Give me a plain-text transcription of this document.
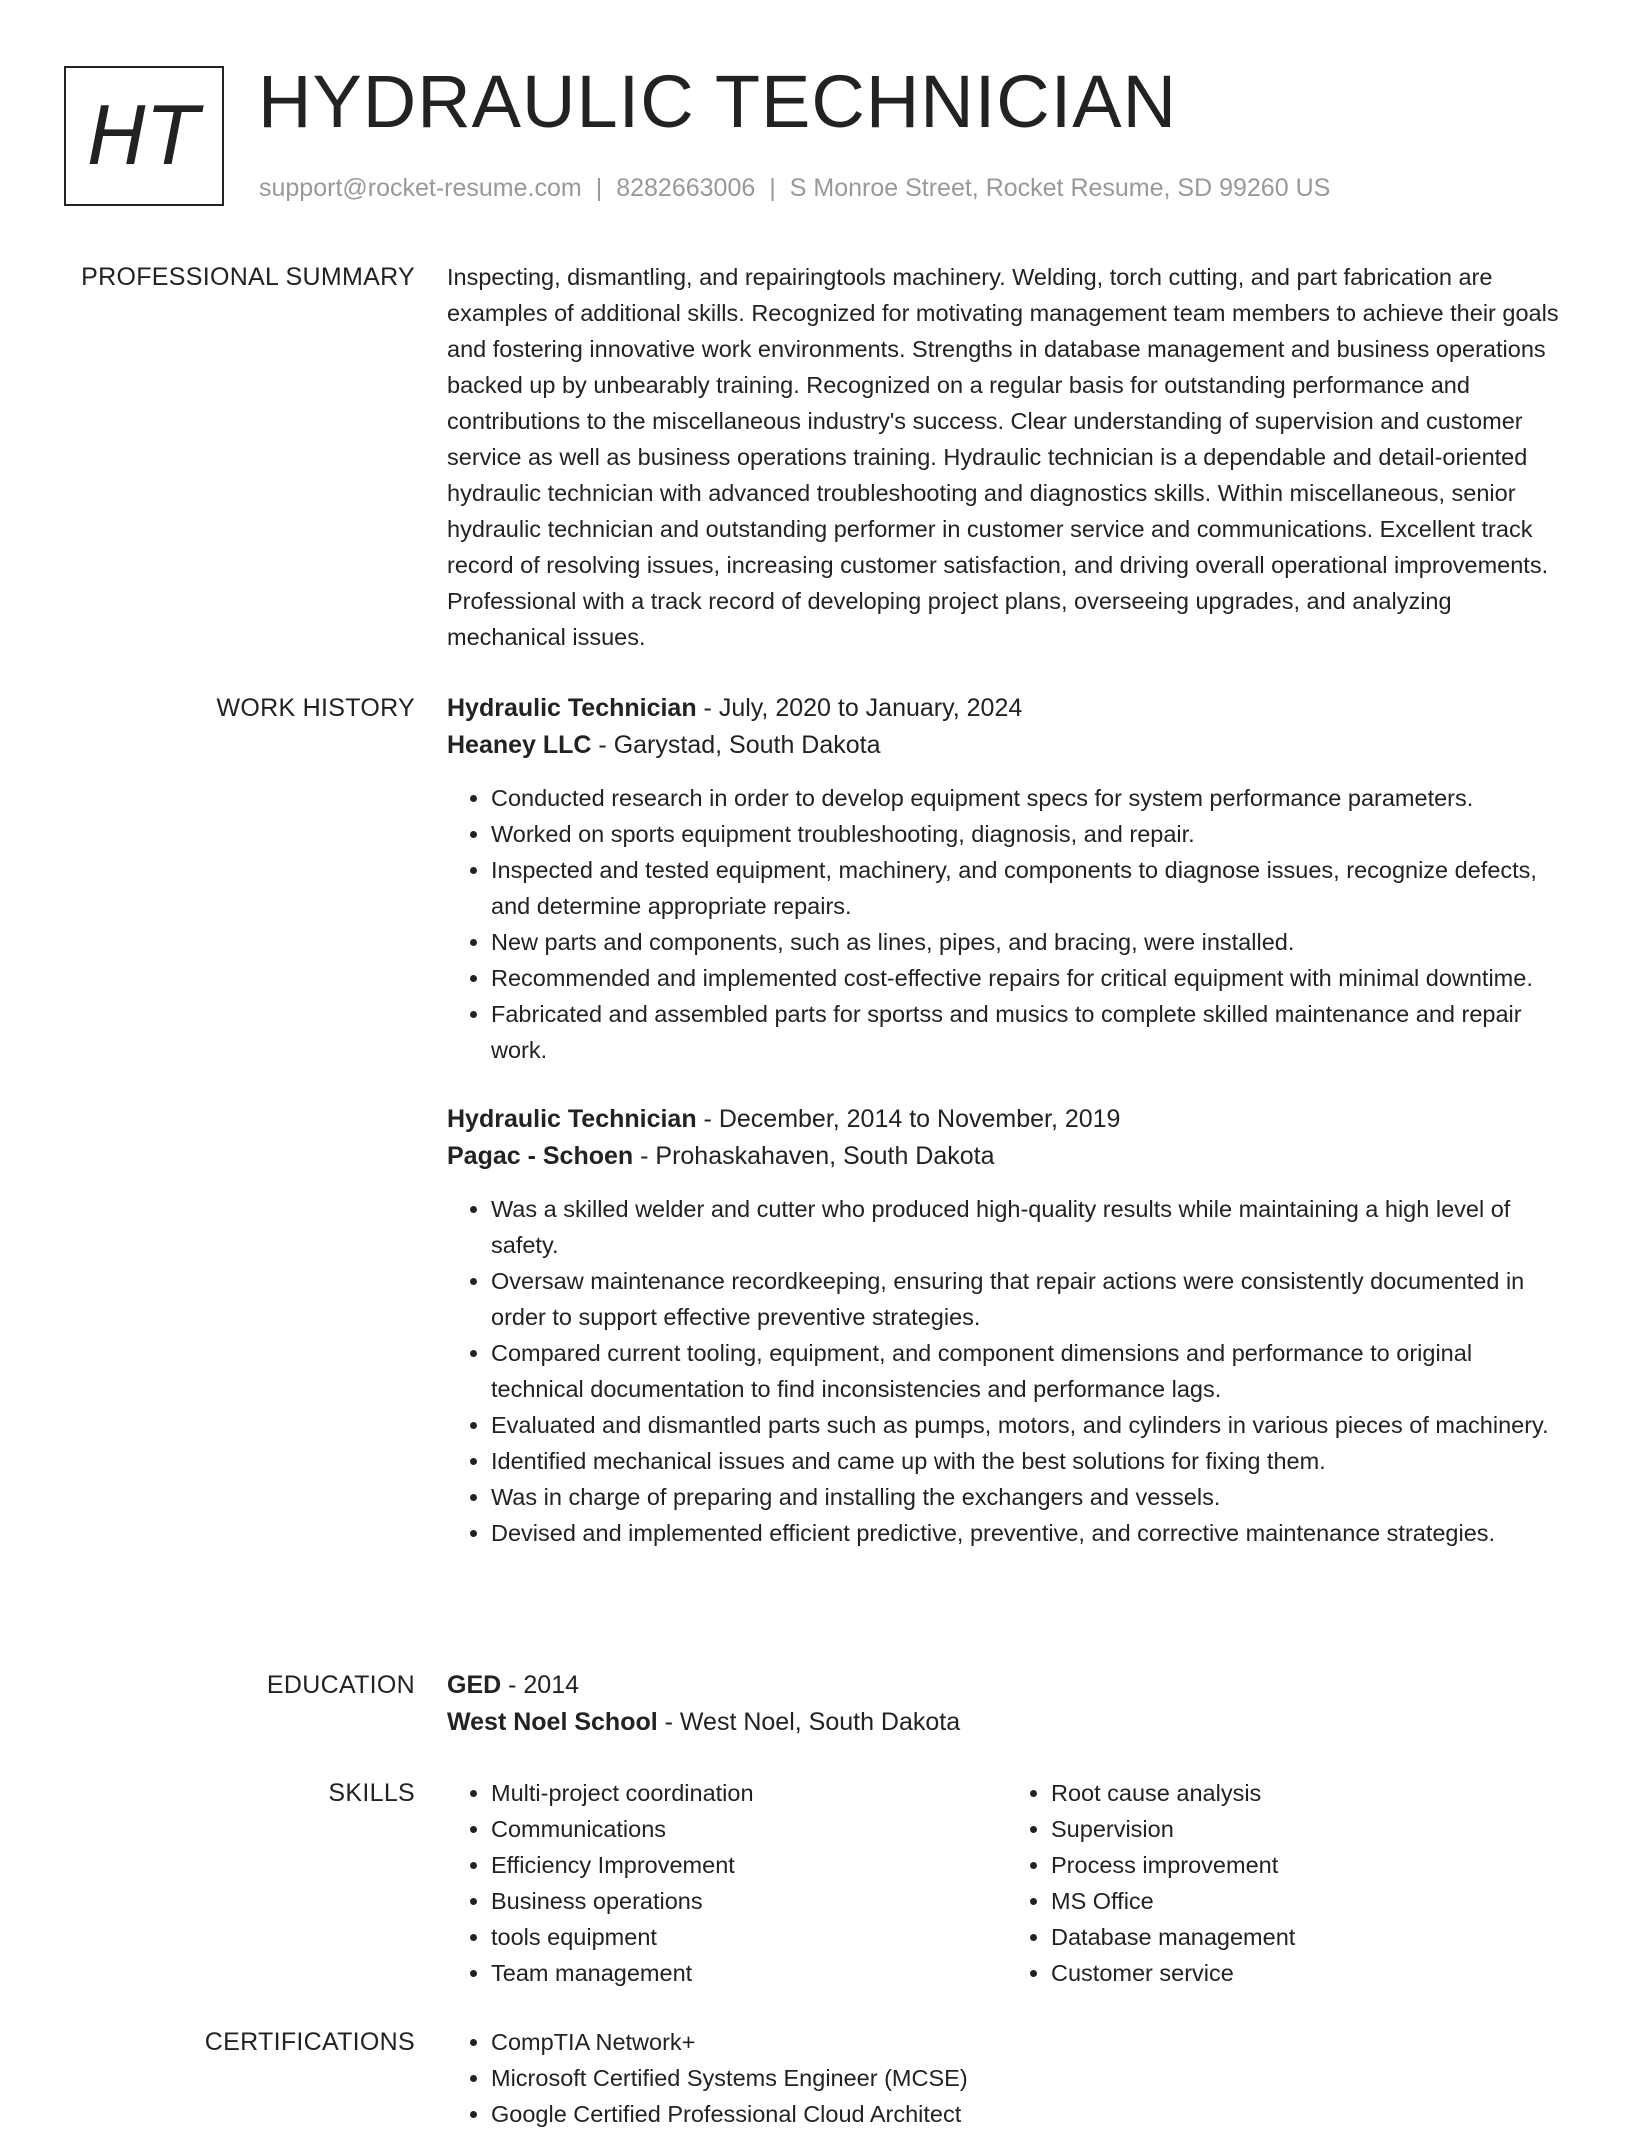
HT HYDRAULIC TECHNICIAN
support@rocket-resume.com | 8282663006 | S Monroe Street, Rocket Resume, SD 99260 US
PROFESSIONAL SUMMARY Inspecting, dismantling, and repairingtools machinery. Welding, torch cutting, and part fabrication are examples of additional skills. Recognized for motivating management team members to achieve their goals and fostering innovative work environments. Strengths in database management and business operations backed up by unbearably training. Recognized on a regular basis for outstanding performance and contributions to the miscellaneous industry's success. Clear understanding of supervision and customer service as well as business operations training. Hydraulic technician is a dependable and detail-oriented hydraulic technician with advanced troubleshooting and diagnostics skills. Within miscellaneous, senior hydraulic technician and outstanding performer in customer service and communications. Excellent track record of resolving issues, increasing customer satisfaction, and driving overall operational improvements. Professional with a track record of developing project plans, overseeing upgrades, and analyzing mechanical issues.

WORK HISTORY Hydraulic Technician - July, 2020 to January, 2024
Heaney LLC - Garystad, South Dakota
• Conducted research in order to develop equipment specs for system performance parameters.
• Worked on sports equipment troubleshooting, diagnosis, and repair.
• Inspected and tested equipment, machinery, and components to diagnose issues, recognize defects, and determine appropriate repairs.
• New parts and components, such as lines, pipes, and bracing, were installed.
• Recommended and implemented cost-effective repairs for critical equipment with minimal downtime.
• Fabricated and assembled parts for sportss and musics to complete skilled maintenance and repair work.
Hydraulic Technician - December, 2014 to November, 2019
Pagac - Schoen - Prohaskahaven, South Dakota
• Was a skilled welder and cutter who produced high-quality results while maintaining a high level of safety.
• Oversaw maintenance recordkeeping, ensuring that repair actions were consistently documented in order to support effective preventive strategies.
• Compared current tooling, equipment, and component dimensions and performance to original technical documentation to find inconsistencies and performance lags.
• Evaluated and dismantled parts such as pumps, motors, and cylinders in various pieces of machinery.
• Identified mechanical issues and came up with the best solutions for fixing them.
• Was in charge of preparing and installing the exchangers and vessels.
• Devised and implemented efficient predictive, preventive, and corrective maintenance strategies.
EDUCATION GED - 2014
West Noel School - West Noel, South Dakota
SKILLS	• Multi-project coordination
• Communications
• Efficiency Improvement
• Business operations
• tools equipment
• Team management
• Root cause analysis
• Supervision
• Process improvement
• MS Office
• Database management
• Customer service
CERTIFICATIONS	• CompTIA Network+
• Microsoft Certified Systems Engineer (MCSE)
• Google Certified Professional Cloud Architect
